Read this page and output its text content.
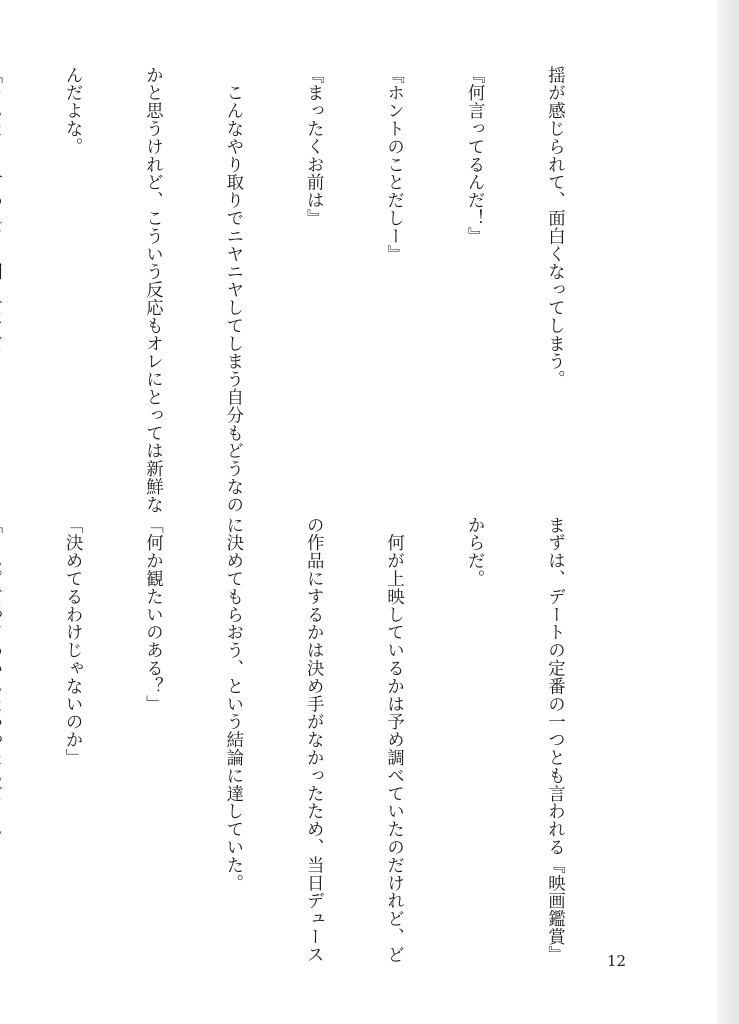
揺が感じられて、面白くなってしまう。

『何言ってるんだ！』

『ホントのことだしー』

『まったくお前は』

　こんなやり取りでニヤニヤしてしまう自分もどうなの

かと思うけれど、こういう反応もオレにとっては新鮮な

んだよな。

まずは、デートの定番の一つとも言われる『映画鑑賞』

からだ。

　何が上映しているかは予め調べていたのだけれど、ど

の作品にするかは決め手がなかったため、当日デュース

に決めてもらおう、という結論に達していた。

「何か観たいのある？」

「決めてるわけじゃないのか」

12
